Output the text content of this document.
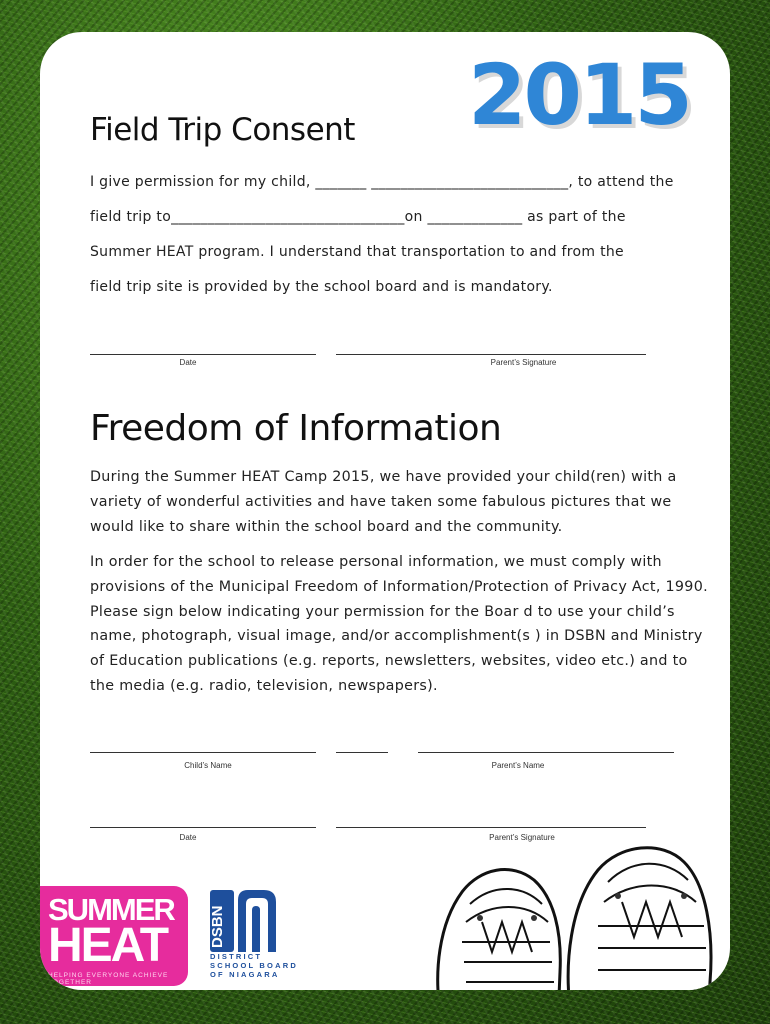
2015
Field Trip Consent
I give permission for my child, _______ ___________________________, to attend the
field trip to________________________________on _____________ as part of the
Summer HEAT program. I understand that transportation to and from the
field trip site is provided by the school board and is mandatory.
Date	Parent’s Signature
Freedom of Information

During the Summer HEAT Camp 2015, we have provided your child(ren) with a variety of wonderful activities and have taken some fabulous pictures that we would like to share within the school board and the community.

In order for the school to release personal information, we must comply with provisions of the Municipal Freedom of Information/Protection of Privacy Act, 1990. Please sign below indicating your permission for the Boar d to use your child’s name, photograph, visual image, and/or accomplishment(s ) in DSBN and Ministry of Education publications (e.g. reports, newsletters, websites, video etc.) and to the media (e.g. radio, television, newspapers).

Child’s Name	Parent’s Name
Date	Parent’s Signature
SUMMER
HEAT
HELPING EVERYONE ACHIEVE TOGETHER
DSBN
DISTRICT
SCHOOL BOARD
OF NIAGARA
